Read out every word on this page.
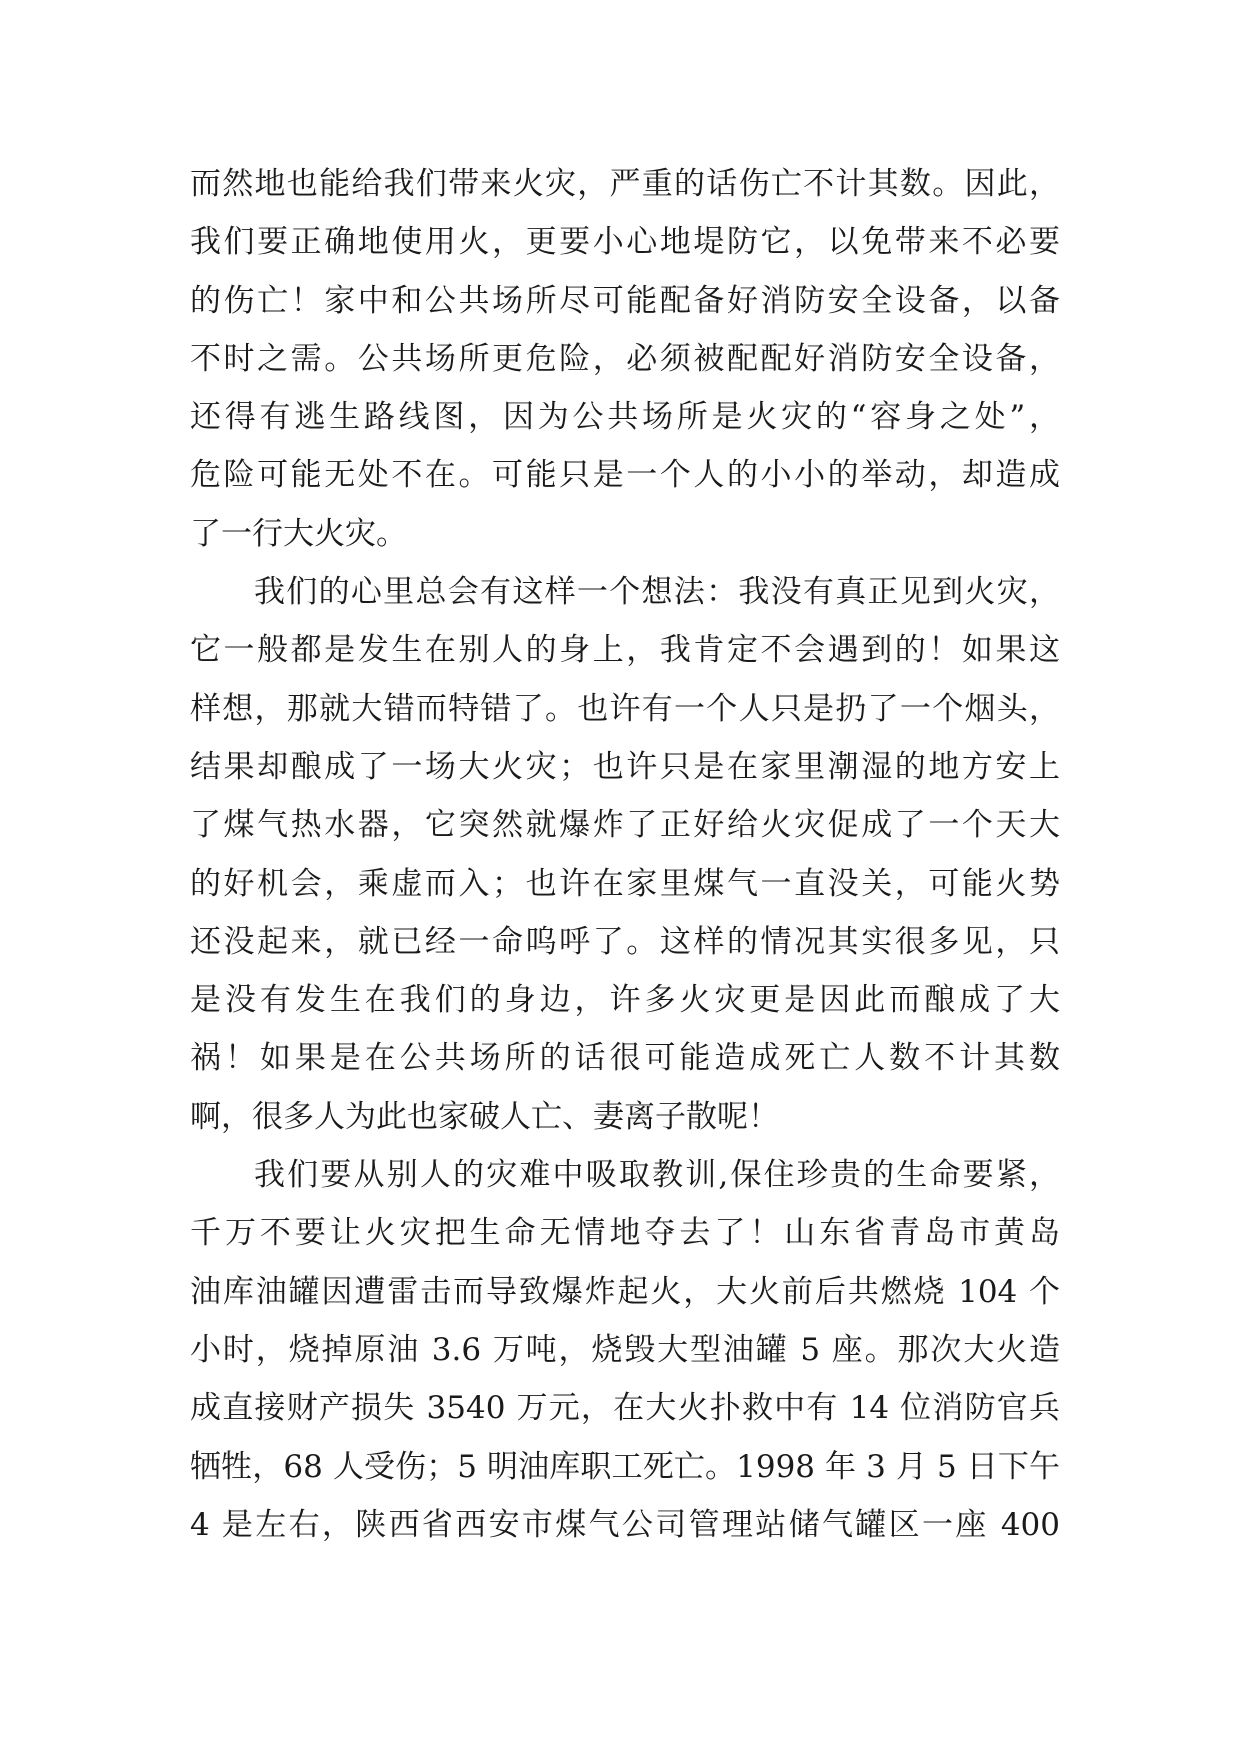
而然地也能给我们带来火灾，严重的话伤亡不计其数。因此，
我们要正确地使用火，更要小心地堤防它，以免带来不必要
的伤亡！家中和公共场所尽可能配备好消防安全设备，以备
不时之需。公共场所更危险，必须被配配好消防安全设备，
还得有逃生路线图，因为公共场所是火灾的“容身之处”，
危险可能无处不在。可能只是一个人的小小的举动，却造成
了一行大火灾。

我们的心里总会有这样一个想法：我没有真正见到火灾，
它一般都是发生在别人的身上，我肯定不会遇到的！如果这
样想，那就大错而特错了。也许有一个人只是扔了一个烟头，
结果却酿成了一场大火灾；也许只是在家里潮湿的地方安上
了煤气热水器，它突然就爆炸了正好给火灾促成了一个天大
的好机会，乘虚而入；也许在家里煤气一直没关，可能火势
还没起来，就已经一命呜呼了。这样的情况其实很多见，只
是没有发生在我们的身边，许多火灾更是因此而酿成了大
祸！如果是在公共场所的话很可能造成死亡人数不计其数
啊，很多人为此也家破人亡、妻离子散呢！

我们要从别人的灾难中吸取教训,保住珍贵的生命要紧，
千万不要让火灾把生命无情地夺去了！山东省青岛市黄岛
油库油罐因遭雷击而导致爆炸起火，大火前后共燃烧 104 个
小时，烧掉原油 3.6 万吨，烧毁大型油罐 5 座。那次大火造
成直接财产损失 3540 万元，在大火扑救中有 14 位消防官兵
牺牲，68 人受伤；5 明油库职工死亡。1998 年 3 月 5 日下午
4 是左右，陕西省西安市煤气公司管理站储气罐区一座 400
